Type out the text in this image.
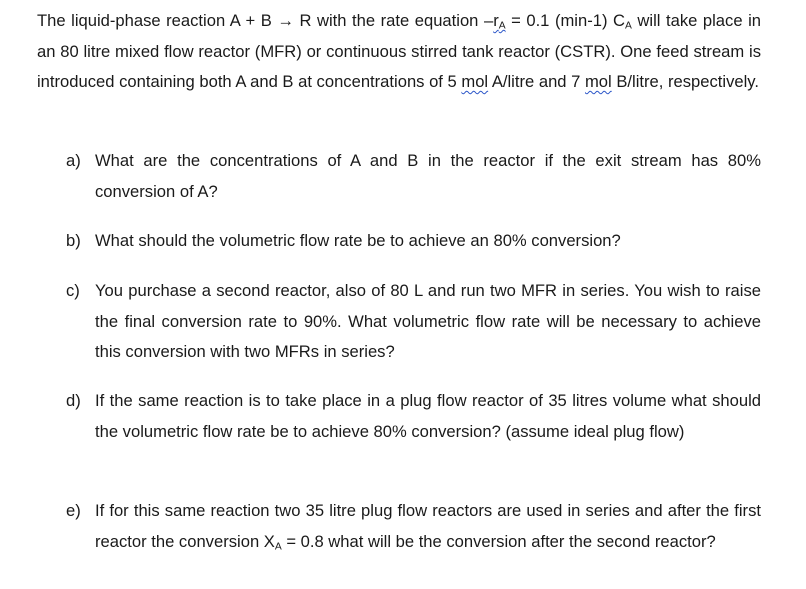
The liquid-phase reaction A + B → R with the rate equation $-r_A = 0.1$ (min-1) $C_A$ will take place in an 80 litre mixed flow reactor (MFR) or continuous stirred tank reactor (CSTR). One feed stream is introduced containing both A and B at concentrations of 5 mol A/litre and 7 mol B/litre, respectively.

a) What are the concentrations of A and B in the reactor if the exit stream has 80% conversion of A?
b) What should the volumetric flow rate be to achieve an 80% conversion?
c) You purchase a second reactor, also of 80 L and run two MFR in series. You wish to raise the final conversion rate to 90%. What volumetric flow rate will be necessary to achieve this conversion with two MFRs in series?
d) If the same reaction is to take place in a plug flow reactor of 35 litres volume what should the volumetric flow rate be to achieve 80% conversion? (assume ideal plug flow)
e) If for this same reaction two 35 litre plug flow reactors are used in series and after the first reactor the conversion $X_A = 0.8$ what will be the conversion after the second reactor?
